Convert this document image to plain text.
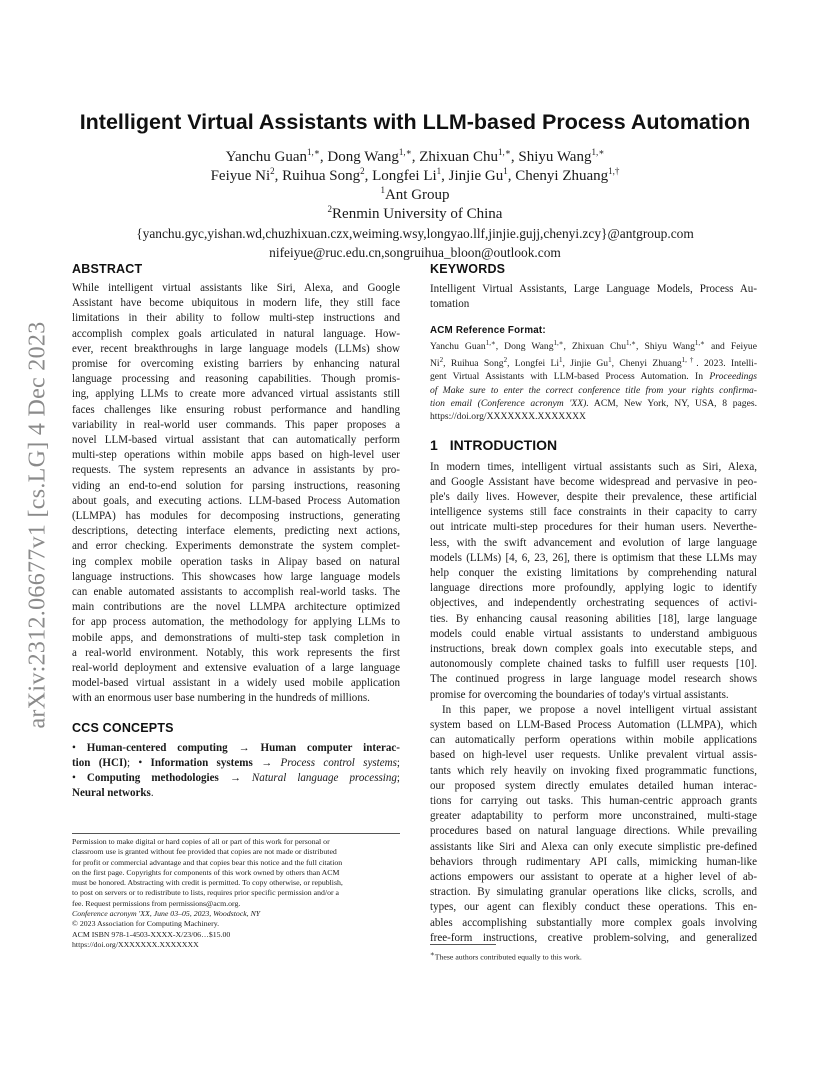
arXiv:2312.06677v1 [cs.LG] 4 Dec 2023
Intelligent Virtual Assistants with LLM-based Process Automation
Yanchu Guan$^{1,∗}$, Dong Wang$^{1,∗}$, Zhixuan Chu$^{1,∗}$, Shiyu Wang$^{1,∗}$
Feiyue Ni$^2$, Ruihua Song$^2$, Longfei Li$^1$, Jinjie Gu$^1$, Chenyi Zhuang$^{1,\dagger}$
$^1$Ant Group
$^2$Renmin University of China
{yanchu.gyc,yishan.wd,chuzhixuan.czx,weiming.wsy,longyao.llf,jinjie.gujj,chenyi.zcy}@antgroup.com
nifeiyue@ruc.edu.cn,songruihua_bloon@outlook.com
ABSTRACT
While intelligent virtual assistants like Siri, Alexa, and Google
Assistant have become ubiquitous in modern life, they still face
limitations in their ability to follow multi-step instructions and
accomplish complex goals articulated in natural language. How-
ever, recent breakthroughs in large language models (LLMs) show
promise for overcoming existing barriers by enhancing natural
language processing and reasoning capabilities. Though promis-
ing, applying LLMs to create more advanced virtual assistants still
faces challenges like ensuring robust performance and handling
variability in real-world user commands. This paper proposes a
novel LLM-based virtual assistant that can automatically perform
multi-step operations within mobile apps based on high-level user
requests. The system represents an advance in assistants by pro-
viding an end-to-end solution for parsing instructions, reasoning
about goals, and executing actions. LLM-based Process Automation
(LLMPA) has modules for decomposing instructions, generating
descriptions, detecting interface elements, predicting next actions,
and error checking. Experiments demonstrate the system complet-
ing complex mobile operation tasks in Alipay based on natural
language instructions. This showcases how large language models
can enable automated assistants to accomplish real-world tasks. The
main contributions are the novel LLMPA architecture optimized
for app process automation, the methodology for applying LLMs to
mobile apps, and demonstrations of multi-step task completion in
a real-world environment. Notably, this work represents the first
real-world deployment and extensive evaluation of a large language
model-based virtual assistant in a widely used mobile application
with an enormous user base numbering in the hundreds of millions.
CCS CONCEPTS
• Human-centered computing → Human computer interac-
tion (HCI); • Information systems → Process control systems;
• Computing methodologies → Natural language processing;
Neural networks.
Permission to make digital or hard copies of all or part of this work for personal or
classroom use is granted without fee provided that copies are not made or distributed
for profit or commercial advantage and that copies bear this notice and the full citation
on the first page. Copyrights for components of this work owned by others than ACM
must be honored. Abstracting with credit is permitted. To copy otherwise, or republish,
to post on servers or to redistribute to lists, requires prior specific permission and/or a
fee. Request permissions from permissions@acm.org.
Conference acronym 'XX, June 03–05, 2023, Woodstock, NY
© 2023 Association for Computing Machinery.
ACM ISBN 978-1-4503-XXXX-X/23/06…$15.00
https://doi.org/XXXXXXX.XXXXXXX
KEYWORDS
Intelligent Virtual Assistants, Large Language Models, Process Au-
tomation
ACM Reference Format:
Yanchu Guan$^{1,∗}$, Dong Wang$^{1,∗}$, Zhixuan Chu$^{1,∗}$, Shiyu Wang$^{1,∗}$ and Feiyue
Ni$^2$, Ruihua Song$^2$, Longfei Li$^1$, Jinjie Gu$^1$, Chenyi Zhuang$^{1,\dagger}$. 2023. Intelli-
gent Virtual Assistants with LLM-based Process Automation. In Proceedings
of Make sure to enter the correct conference title from your rights confirma-
tion email (Conference acronym 'XX). ACM, New York, NY, USA, 8 pages.
https://doi.org/XXXXXXX.XXXXXXX
1 INTRODUCTION
In modern times, intelligent virtual assistants such as Siri, Alexa,
and Google Assistant have become widespread and pervasive in peo-
ple's daily lives. However, despite their prevalence, these artificial
intelligence systems still face constraints in their capacity to carry
out intricate multi-step procedures for their human users. Neverthe-
less, with the swift advancement and evolution of large language
models (LLMs) [4, 6, 23, 26], there is optimism that these LLMs may
help conquer the existing limitations by comprehending natural
language directions more profoundly, applying logic to identify
objectives, and independently orchestrating sequences of activi-
ties. By enhancing causal reasoning abilities [18], large language
models could enable virtual assistants to understand ambiguous
instructions, break down complex goals into executable steps, and
autonomously complete chained tasks to fulfill user requests [10].
The continued progress in large language model research shows
promise for overcoming the boundaries of today's virtual assistants.
In this paper, we propose a novel intelligent virtual assistant
system based on LLM-Based Process Automation (LLMPA), which
can automatically perform operations within mobile applications
based on high-level user requests. Unlike prevalent virtual assis-
tants which rely heavily on invoking fixed programmatic functions,
our proposed system directly emulates detailed human interac-
tions for carrying out tasks. This human-centric approach grants
greater adaptability to perform more unconstrained, multi-stage
procedures based on natural language directions. While prevailing
assistants like Siri and Alexa can only execute simplistic pre-defined
behaviors through rudimentary API calls, mimicking human-like
actions empowers our assistant to operate at a higher level of ab-
straction. By simulating granular operations like clicks, scrolls, and
types, our agent can flexibly conduct these operations. This en-
ables accomplishing substantially more complex goals involving
free-form instructions, creative problem-solving, and generalized
∗These authors contributed equally to this work.
